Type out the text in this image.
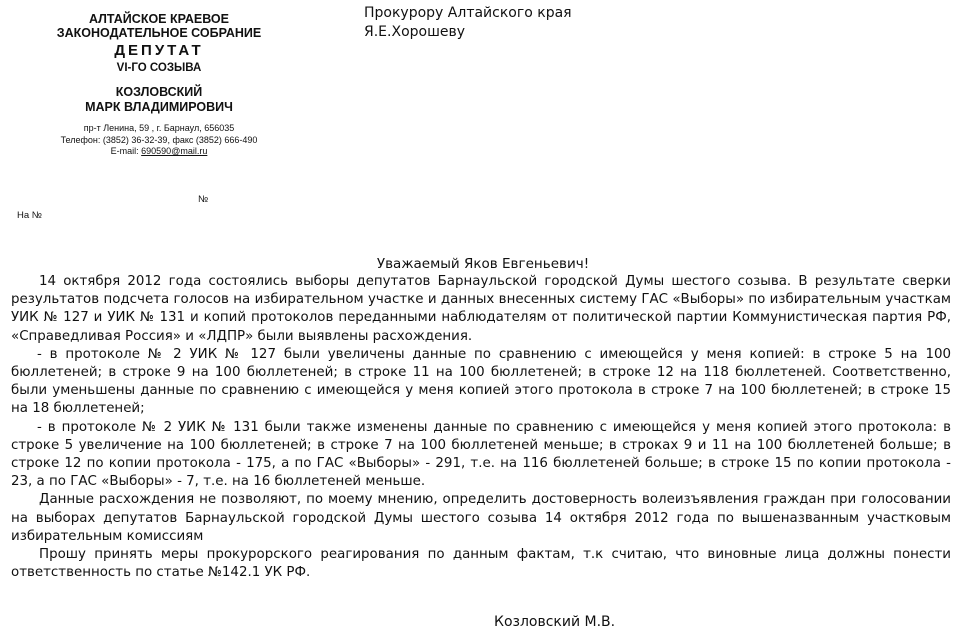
АЛТАЙСКОЕ КРАЕВОЕ

ЗАКОНОДАТЕЛЬНОЕ СОБРАНИЕ

ДЕПУТАТ

VI-ГО СОЗЫВА

КОЗЛОВСКИЙ

МАРК ВЛАДИМИРОВИЧ

пр-т Ленина, 59 , г. Барнаул, 656035

Телефон: (3852) 36-32-39, факс (3852) 666-490

E-mail: 690590@mail.ru

№
На №
Прокурору Алтайского края
Я.Е.Хорошеву
Уважаемый Яков Евгеньевич!

14 октября 2012 года состоялись выборы депутатов Барнаульской городской Думы шестого созыва. В результате сверки результатов подсчета голосов на избирательном участке и данных внесенных систему ГАС «Выборы» по избирательным участкам УИК № 127 и УИК № 131 и копий протоколов переданными наблюдателям от политической партии Коммунистическая партия РФ, «Справедливая Россия» и «ЛДПР» были выявлены расхождения.

- в протоколе № 2 УИК № 127 были увеличены данные по сравнению с имеющейся у меня копией: в строке 5 на 100 бюллетеней; в строке 9 на 100 бюллетеней; в строке 11 на 100 бюллетеней; в строке 12 на 118 бюллетеней. Соответственно, были уменьшены данные по сравнению с имеющейся у меня копией этого протокола в строке 7 на 100 бюллетеней; в строке 15 на 18 бюллетеней;

- в протоколе № 2 УИК № 131 были также изменены данные по сравнению с имеющейся у меня копией этого протокола: в строке 5 увеличение на 100 бюллетеней; в строке 7 на 100 бюллетеней меньше; в строках 9 и 11 на 100 бюллетеней больше; в строке 12 по копии протокола - 175, а по ГАС «Выборы» - 291, т.е. на 116 бюллетеней больше; в строке 15 по копии протокола - 23, а по ГАС «Выборы» - 7, т.е. на 16 бюллетеней меньше.

Данные расхождения не позволяют, по моему мнению, определить достоверность волеизъявления граждан при голосовании на выборах депутатов Барнаульской городской Думы шестого созыва 14 октября 2012 года по вышеназванным участковым избирательным комиссиям

Прошу принять меры прокурорского реагирования по данным фактам, т.к считаю, что виновные лица должны понести ответственность по статье №142.1 УК РФ.

Козловский М.В.
